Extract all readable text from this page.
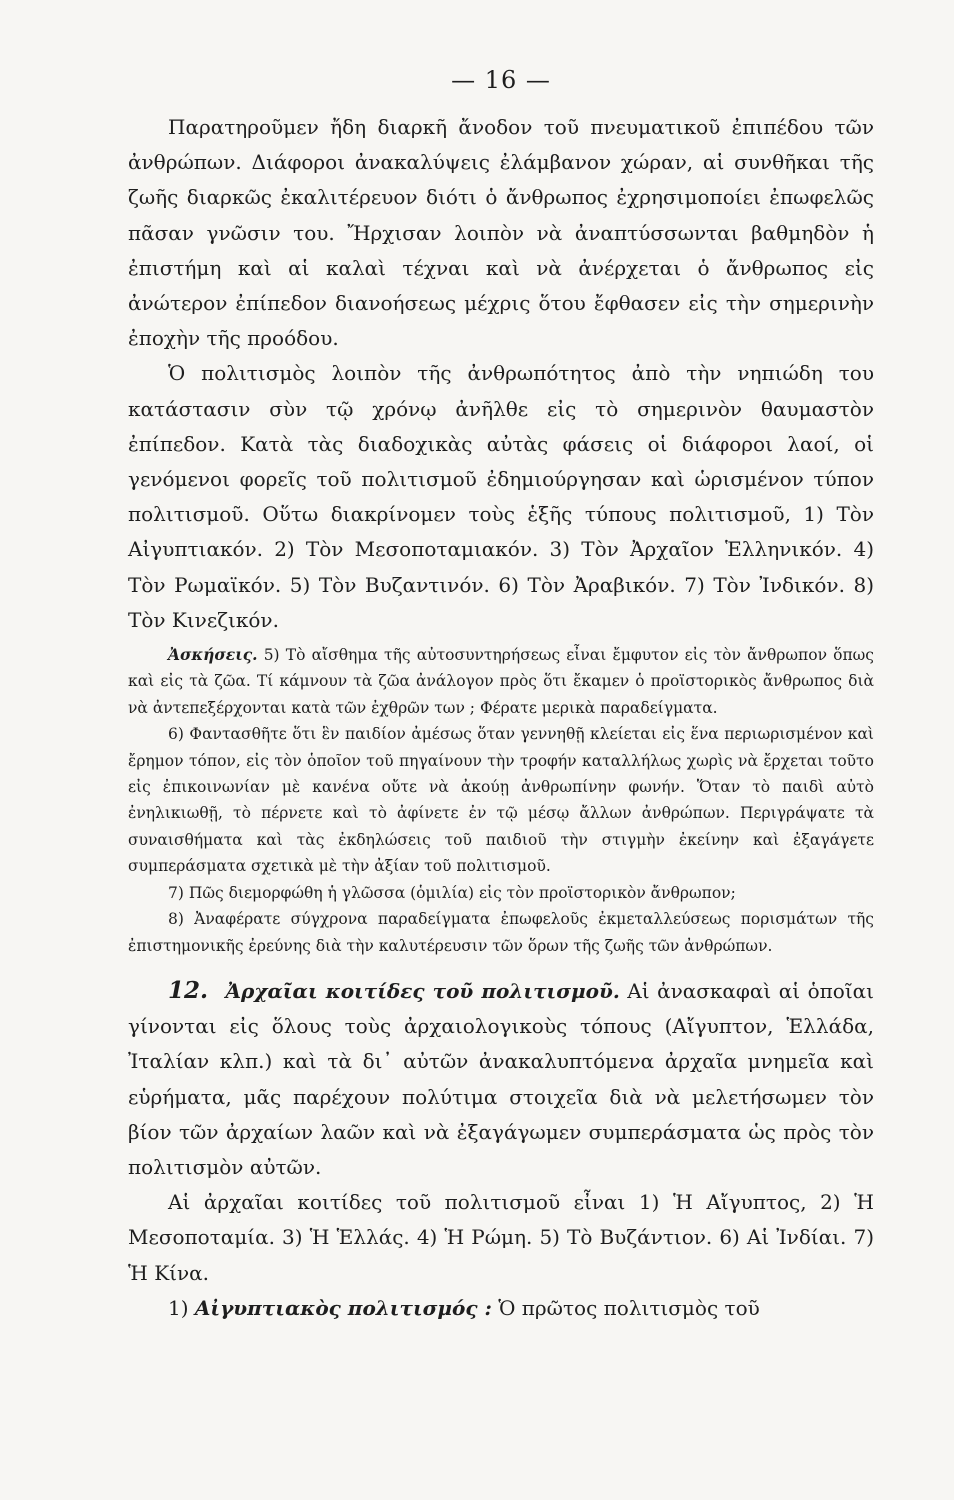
— 16 —

Παρατηροῦμεν ἤδη διαρκῆ ἄνοδον τοῦ πνευματικοῦ ἐπιπέδου τῶν ἀνθρώπων. Διάφοροι ἀνακαλύψεις ἐλάμβανον χώραν, αἱ συνθῆκαι τῆς ζωῆς διαρκῶς ἐκαλιτέρευον διότι ὁ ἄνθρωπος ἐχρησιμοποίει ἐπωφελῶς πᾶσαν γνῶσιν του. Ἤρχισαν λοιπὸν νὰ ἀναπτύσσωνται βαθμηδὸν ἡ ἐπιστήμη καὶ αἱ καλαὶ τέχναι καὶ νὰ ἀνέρχεται ὁ ἄνθρωπος εἰς ἀνώτερον ἐπίπεδον διανοήσεως μέχρις ὅτου ἔφθασεν εἰς τὴν σημερινὴν ἐποχὴν τῆς προόδου.

Ὁ πολιτισμὸς λοιπὸν τῆς ἀνθρωπότητος ἀπὸ τὴν νηπιώδη του κατάστασιν σὺν τῷ χρόνῳ ἀνῆλθε εἰς τὸ σημερινὸν θαυμαστὸν ἐπίπεδον. Κατὰ τὰς διαδοχικὰς αὐτὰς φάσεις οἱ διάφοροι λαοί, οἱ γενόμενοι φορεῖς τοῦ πολιτισμοῦ ἐδημιούργησαν καὶ ὡρισμένον τύπον πολιτισμοῦ. Οὕτω διακρίνομεν τοὺς ἑξῆς τύπους πολιτισμοῦ, 1) Τὸν Αἰγυπτιακόν. 2) Τὸν Μεσοποταμιακόν. 3) Τὸν Ἀρχαῖον Ἑλληνικόν. 4) Τὸν Ρωμαϊκόν. 5) Τὸν Βυζαντινόν. 6) Τὸν Ἀραβικόν. 7) Τὸν Ἰνδικόν. 8) Τὸν Κινεζικόν.

Ἀσκήσεις. 5) Τὸ αἴσθημα τῆς αὐτοσυντηρήσεως εἶναι ἔμφυτον εἰς τὸν ἄνθρωπον ὅπως καὶ εἰς τὰ ζῶα. Τί κάμνουν τὰ ζῶα ἀνάλογον πρὸς ὅτι ἔκαμεν ὁ προϊστορικὸς ἄνθρωπος διὰ νὰ ἀντεπεξέρχονται κατὰ τῶν ἐχθρῶν των ; Φέρατε μερικὰ παραδείγματα.

6) Φαντασθῆτε ὅτι ἓν παιδίον ἀμέσως ὅταν γεννηθῇ κλείεται εἰς ἕνα περιωρισμένον καὶ ἔρημον τόπον, εἰς τὸν ὁποῖον τοῦ πηγαίνουν τὴν τροφήν καταλλήλως χωρὶς νὰ ἔρχεται τοῦτο εἰς ἐπικοινωνίαν μὲ κανένα οὔτε νὰ ἀκούῃ ἀνθρωπίνην φωνήν. Ὅταν τὸ παιδὶ αὐτὸ ἐνηλικιωθῇ, τὸ πέρνετε καὶ τὸ ἀφίνετε ἐν τῷ μέσῳ ἄλλων ἀνθρώπων. Περιγράψατε τὰ συναισθήματα καὶ τὰς ἐκδηλώσεις τοῦ παιδιοῦ τὴν στιγμὴν ἐκείνην καὶ ἐξαγάγετε συμπεράσματα σχετικὰ μὲ τὴν ἀξίαν τοῦ πολιτισμοῦ.

7) Πῶς διεμορφώθη ἡ γλῶσσα (ὁμιλία) εἰς τὸν προϊστορικὸν ἄνθρωπον;

8) Ἀναφέρατε σύγχρονα παραδείγματα ἐπωφελοῦς ἐκμεταλλεύσεως πορισμάτων τῆς ἐπιστημονικῆς ἐρεύνης διὰ τὴν καλυτέρευσιν τῶν ὅρων τῆς ζωῆς τῶν ἀνθρώπων.

12. Ἀρχαῖαι κοιτίδες τοῦ πολιτισμοῦ. Αἱ ἀνασκαφαὶ αἱ ὁποῖαι γίνονται εἰς ὅλους τοὺς ἀρχαιολογικοὺς τόπους (Αἴγυπτον, Ἑλλάδα, Ἰταλίαν κλπ.) καὶ τὰ δι᾽ αὐτῶν ἀνακαλυπτόμενα ἀρχαῖα μνημεῖα καὶ εὑρήματα, μᾶς παρέχουν πολύτιμα στοιχεῖα διὰ νὰ μελετήσωμεν τὸν βίον τῶν ἀρχαίων λαῶν καὶ νὰ ἐξαγάγωμεν συμπεράσματα ὡς πρὸς τὸν πολιτισμὸν αὐτῶν.

Αἱ ἀρχαῖαι κοιτίδες τοῦ πολιτισμοῦ εἶναι 1) Ἡ Αἴγυπτος, 2) Ἡ Μεσοποταμία. 3) Ἡ Ἑλλάς. 4) Ἡ Ρώμη. 5) Τὸ Βυζάντιον. 6) Αἱ Ἰνδίαι. 7) Ἡ Κίνα.

1) Αἰγυπτιακὸς πολιτισμός : Ὁ πρῶτος πολιτισμὸς τοῦ
